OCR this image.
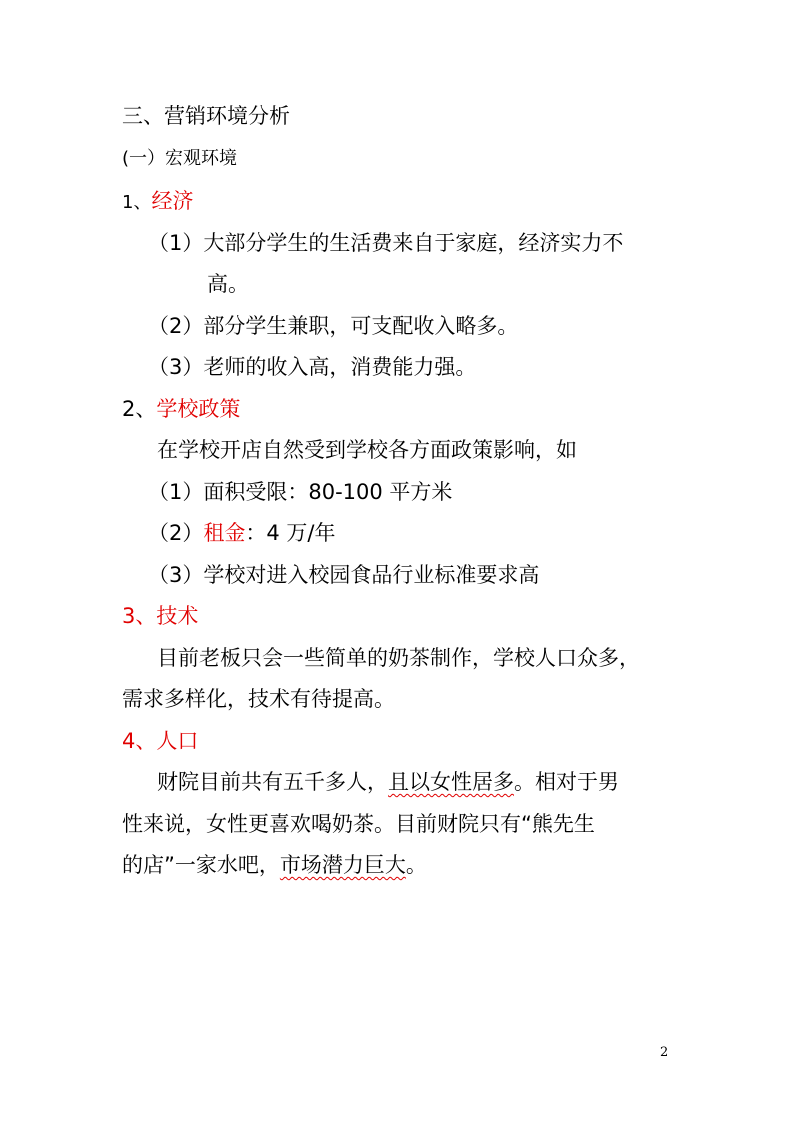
三、营销环境分析
(一）宏观环境
1、经济
（1）大部分学生的生活费来自于家庭，经济实力不
高。
（2）部分学生兼职，可支配收入略多。
（3）老师的收入高，消费能力强。
2、学校政策
在学校开店自然受到学校各方面政策影响，如
（1）面积受限：80-100 平方米
（2）租金：4 万/年
（3）学校对进入校园食品行业标准要求高
3、技术
目前老板只会一些简单的奶茶制作，学校人口众多，
需求多样化，技术有待提高。
4、人口
财院目前共有五千多人，且以女性居多。相对于男
性来说，女性更喜欢喝奶茶。目前财院只有“熊先生
的店”一家水吧，市场潜力巨大。
2
